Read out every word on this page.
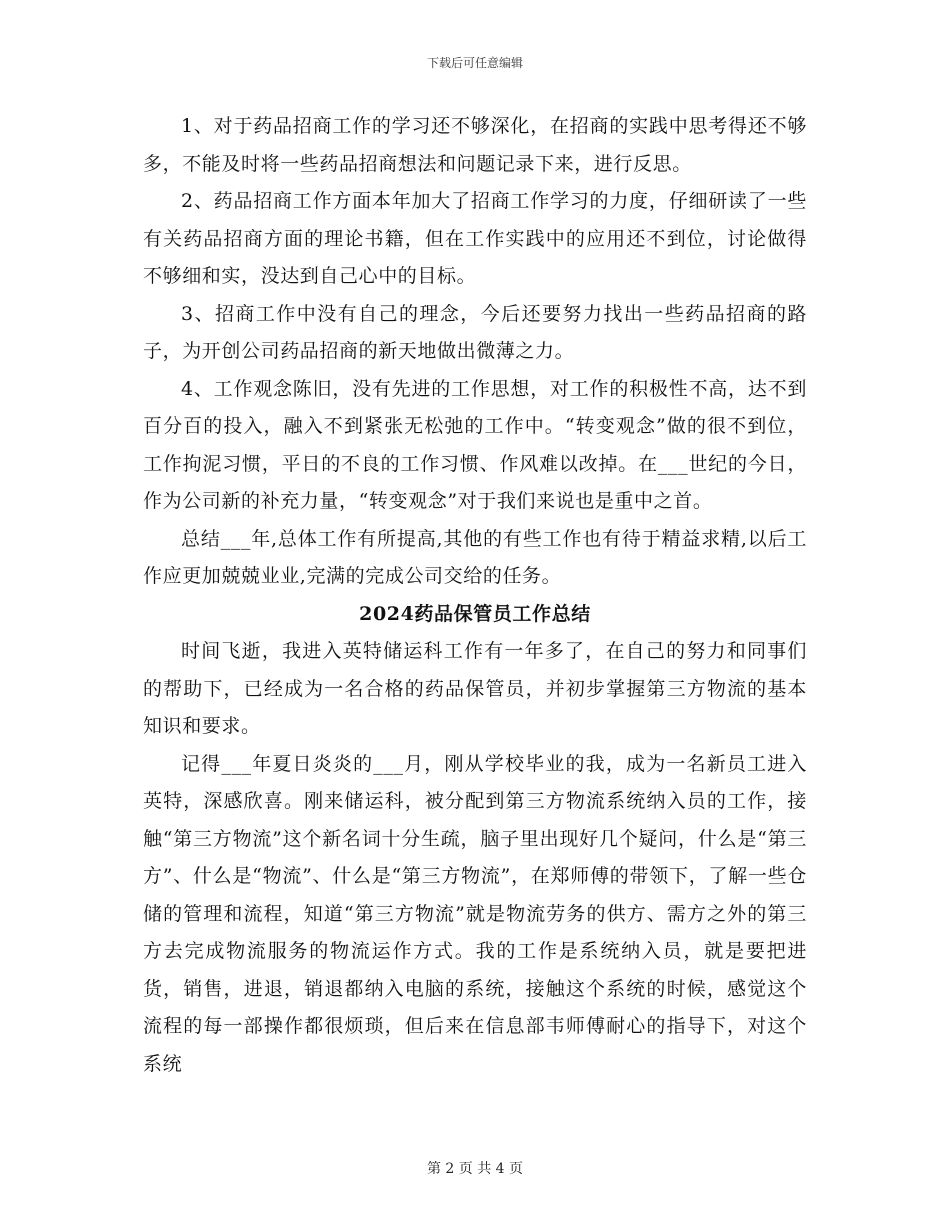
下载后可任意编辑

1、对于药品招商工作的学习还不够深化，在招商的实践中思考得还不够多，不能及时将一些药品招商想法和问题记录下来，进行反思。

2、药品招商工作方面本年加大了招商工作学习的力度，仔细研读了一些有关药品招商方面的理论书籍，但在工作实践中的应用还不到位，讨论做得不够细和实，没达到自己心中的目标。

3、招商工作中没有自己的理念，今后还要努力找出一些药品招商的路子，为开创公司药品招商的新天地做出微薄之力。

4、工作观念陈旧，没有先进的工作思想，对工作的积极性不高，达不到百分百的投入，融入不到紧张无松弛的工作中。“转变观念”做的很不到位，工作拘泥习惯，平日的不良的工作习惯、作风难以改掉。在___世纪的今日，作为公司新的补充力量，“转变观念”对于我们来说也是重中之首。

总结___年,总体工作有所提高,其他的有些工作也有待于精益求精,以后工作应更加兢兢业业,完满的完成公司交给的任务。

2024药品保管员工作总结

时间飞逝，我进入英特储运科工作有一年多了，在自己的努力和同事们的帮助下，已经成为一名合格的药品保管员，并初步掌握第三方物流的基本知识和要求。

记得___年夏日炎炎的___月，刚从学校毕业的我，成为一名新员工进入英特，深感欣喜。刚来储运科，被分配到第三方物流系统纳入员的工作，接触“第三方物流”这个新名词十分生疏，脑子里出现好几个疑问，什么是“第三方”、什么是“物流”、什么是“第三方物流”，在郑师傅的带领下，了解一些仓储的管理和流程，知道“第三方物流”就是物流劳务的供方、需方之外的第三方去完成物流服务的物流运作方式。我的工作是系统纳入员，就是要把进货，销售，进退，销退都纳入电脑的系统，接触这个系统的时候，感觉这个流程的每一部操作都很烦琐，但后来在信息部韦师傅耐心的指导下，对这个系统

第 2 页 共 4 页
